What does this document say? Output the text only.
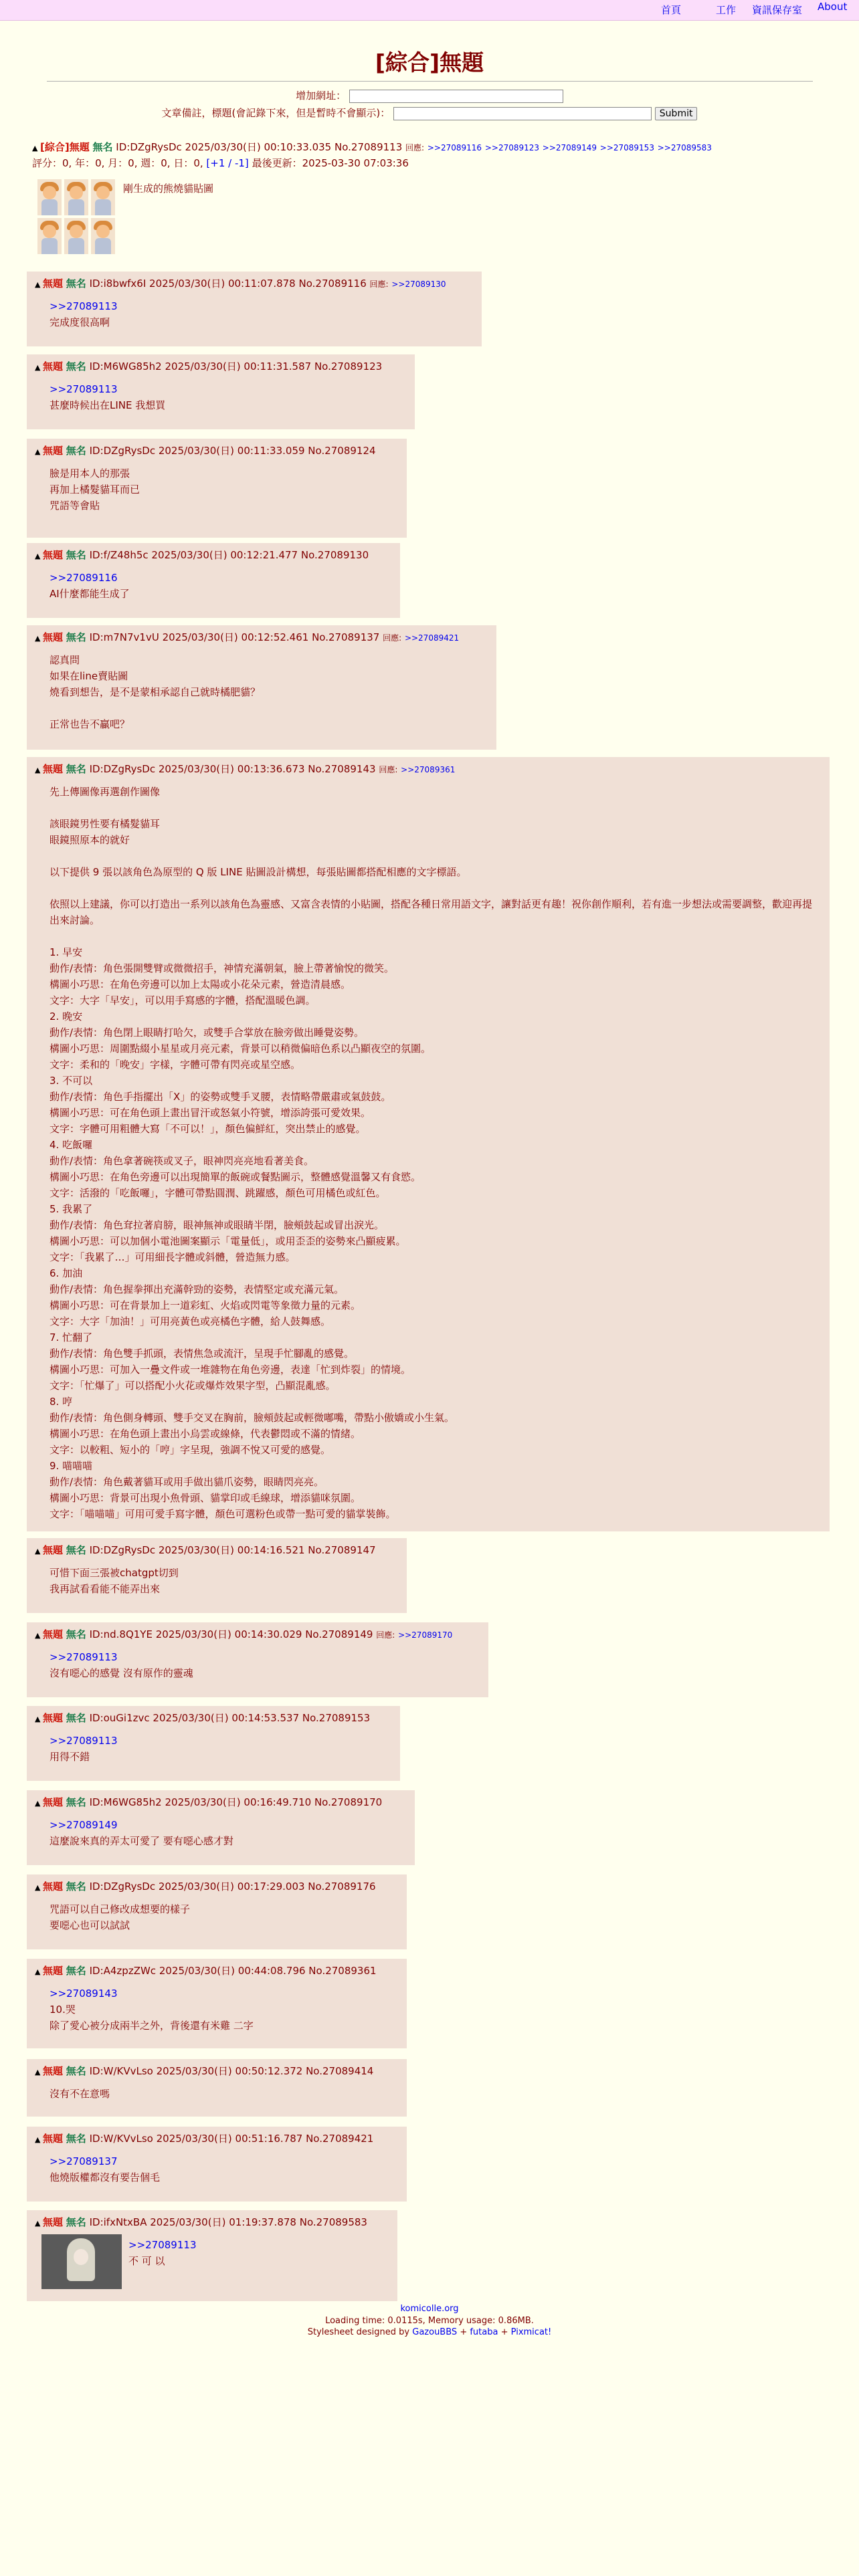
首頁	工作 資訊保存室 About
[綜合]無題
增加網址：
文章備註，標題(會記錄下來，但是暫時不會顯示)：	Submit
▲ [綜合]無題 無名 ID:DZgRysDc 2025/03/30(日) 00:10:33.035 No.27089113 回應: >>27089116 >>27089123 >>27089149 >>27089153 >>27089583
評分：0, 年：0, 月：0, 週：0, 日：0, [+1 / -1] 最後更新：2025-03-30 07:03:36
剛生成的熊燒貓貼圖
▲ 無題 無名 ID:i8bwfx6I 2025/03/30(日) 00:11:07.878 No.27089116 回應: >>27089130
>>27089113
完成度很高啊
▲ 無題 無名 ID:M6WG85h2 2025/03/30(日) 00:11:31.587 No.27089123
>>27089113
甚麼時候出在LINE 我想買
▲ 無題 無名 ID:DZgRysDc 2025/03/30(日) 00:11:33.059 No.27089124
臉是用本人的那張
再加上橘髮貓耳而已
咒語等會貼
▲ 無題 無名 ID:f/Z48h5c 2025/03/30(日) 00:12:21.477 No.27089130
>>27089116
AI什麼都能生成了
▲ 無題 無名 ID:m7N7v1vU 2025/03/30(日) 00:12:52.461 No.27089137 回應: >>27089421
認真問
如果在line賣貼圖
燒看到想告，是不是蒙相承認自己就時橘肥貓？
正常也告不贏吧？
▲ 無題 無名 ID:DZgRysDc 2025/03/30(日) 00:13:36.673 No.27089143 回應: >>27089361
先上傳圖像再選創作圖像
該眼鏡男性要有橘髮貓耳
眼鏡照原本的就好
以下提供 9 張以該角色為原型的 Q 版 LINE 貼圖設計構想，每張貼圖都搭配相應的文字標語。
依照以上建議，你可以打造出一系列以該角色為靈感、又富含表情的小貼圖，搭配各種日常用語文字，讓對話更有趣！祝你創作順利，若有進一步想法或需要調整，歡迎再提出來討論。
1. 早安
動作/表情：角色張開雙臂或微微招手，神情充滿朝氣，臉上帶著愉悅的微笑。
構圖小巧思：在角色旁邊可以加上太陽或小花朵元素，營造清晨感。
文字：大字「早安」，可以用手寫感的字體，搭配溫暖色調。
2. 晚安
動作/表情：角色閉上眼睛打哈欠，或雙手合掌放在臉旁做出睡覺姿勢。
構圖小巧思：周圍點綴小星星或月亮元素，背景可以稍微偏暗色系以凸顯夜空的氛圍。
文字：柔和的「晚安」字樣，字體可帶有閃亮或星空感。
3. 不可以
動作/表情：角色手指擺出「X」的姿勢或雙手叉腰，表情略帶嚴肅或氣鼓鼓。
構圖小巧思：可在角色頭上畫出冒汗或怒氣小符號，增添誇張可愛效果。
文字：字體可用粗體大寫「不可以！」，顏色偏鮮紅，突出禁止的感覺。
4. 吃飯囉
動作/表情：角色拿著碗筷或叉子，眼神閃亮亮地看著美食。
構圖小巧思：在角色旁邊可以出現簡單的飯碗或餐點圖示，整體感覺溫馨又有食慾。
文字：活潑的「吃飯囉」，字體可帶點圓潤、跳躍感，顏色可用橘色或紅色。
5. 我累了
動作/表情：角色耷拉著肩膀，眼神無神或眼睛半閉，臉頰鼓起或冒出淚光。
構圖小巧思：可以加個小電池圖案顯示「電量低」，或用歪歪的姿勢來凸顯疲累。
文字：「我累了…」可用細長字體或斜體，營造無力感。
6. 加油
動作/表情：角色握拳揮出充滿幹勁的姿勢，表情堅定或充滿元氣。
構圖小巧思：可在背景加上一道彩虹、火焰或閃電等象徵力量的元素。
文字：大字「加油！」可用亮黃色或亮橘色字體，給人鼓舞感。
7. 忙翻了
動作/表情：角色雙手抓頭，表情焦急或流汗，呈現手忙腳亂的感覺。
構圖小巧思：可加入一疊文件或一堆雜物在角色旁邊，表達「忙到炸裂」的情境。
文字：「忙爆了」可以搭配小火花或爆炸效果字型，凸顯混亂感。
8. 哼
動作/表情：角色側身轉頭、雙手交叉在胸前，臉頰鼓起或輕微嘟嘴，帶點小傲嬌或小生氣。
構圖小巧思：在角色頭上畫出小烏雲或線條，代表鬱悶或不滿的情緒。
文字：以較粗、短小的「哼」字呈現，強調不悅又可愛的感覺。
9. 喵喵喵
動作/表情：角色戴著貓耳或用手做出貓爪姿勢，眼睛閃亮亮。
構圖小巧思：背景可出現小魚骨頭、貓掌印或毛線球，增添貓咪氛圍。
文字：「喵喵喵」可用可愛手寫字體，顏色可選粉色或帶一點可愛的貓掌裝飾。
▲ 無題 無名 ID:DZgRysDc 2025/03/30(日) 00:14:16.521 No.27089147
可惜下面三張被chatgpt切到
我再試看看能不能弄出來
▲ 無題 無名 ID:nd.8Q1YE 2025/03/30(日) 00:14:30.029 No.27089149 回應: >>27089170
>>27089113
沒有噁心的感覺 沒有原作的靈魂
▲ 無題 無名 ID:ouGi1zvc 2025/03/30(日) 00:14:53.537 No.27089153
>>27089113
用得不錯
▲ 無題 無名 ID:M6WG85h2 2025/03/30(日) 00:16:49.710 No.27089170
>>27089149
這麼說來真的弄太可愛了 要有噁心感才對
▲ 無題 無名 ID:DZgRysDc 2025/03/30(日) 00:17:29.003 No.27089176
咒語可以自己修改成想要的樣子
要噁心也可以試試
▲ 無題 無名 ID:A4zpzZWc 2025/03/30(日) 00:44:08.796 No.27089361
>>27089143
10.哭
除了愛心被分成兩半之外，背後還有米雞 二字
▲ 無題 無名 ID:W/KVvLso 2025/03/30(日) 00:50:12.372 No.27089414
沒有不在意嗎
▲ 無題 無名 ID:W/KVvLso 2025/03/30(日) 00:51:16.787 No.27089421
>>27089137
他燒版權都沒有要告個毛
▲ 無題 無名 ID:ifxNtxBA 2025/03/30(日) 01:19:37.878 No.27089583
>>27089113
不 可 以
komicolle.org
Loading time: 0.0115s, Memory usage: 0.86MB.
Stylesheet designed by GazouBBS + futaba + Pixmicat!
